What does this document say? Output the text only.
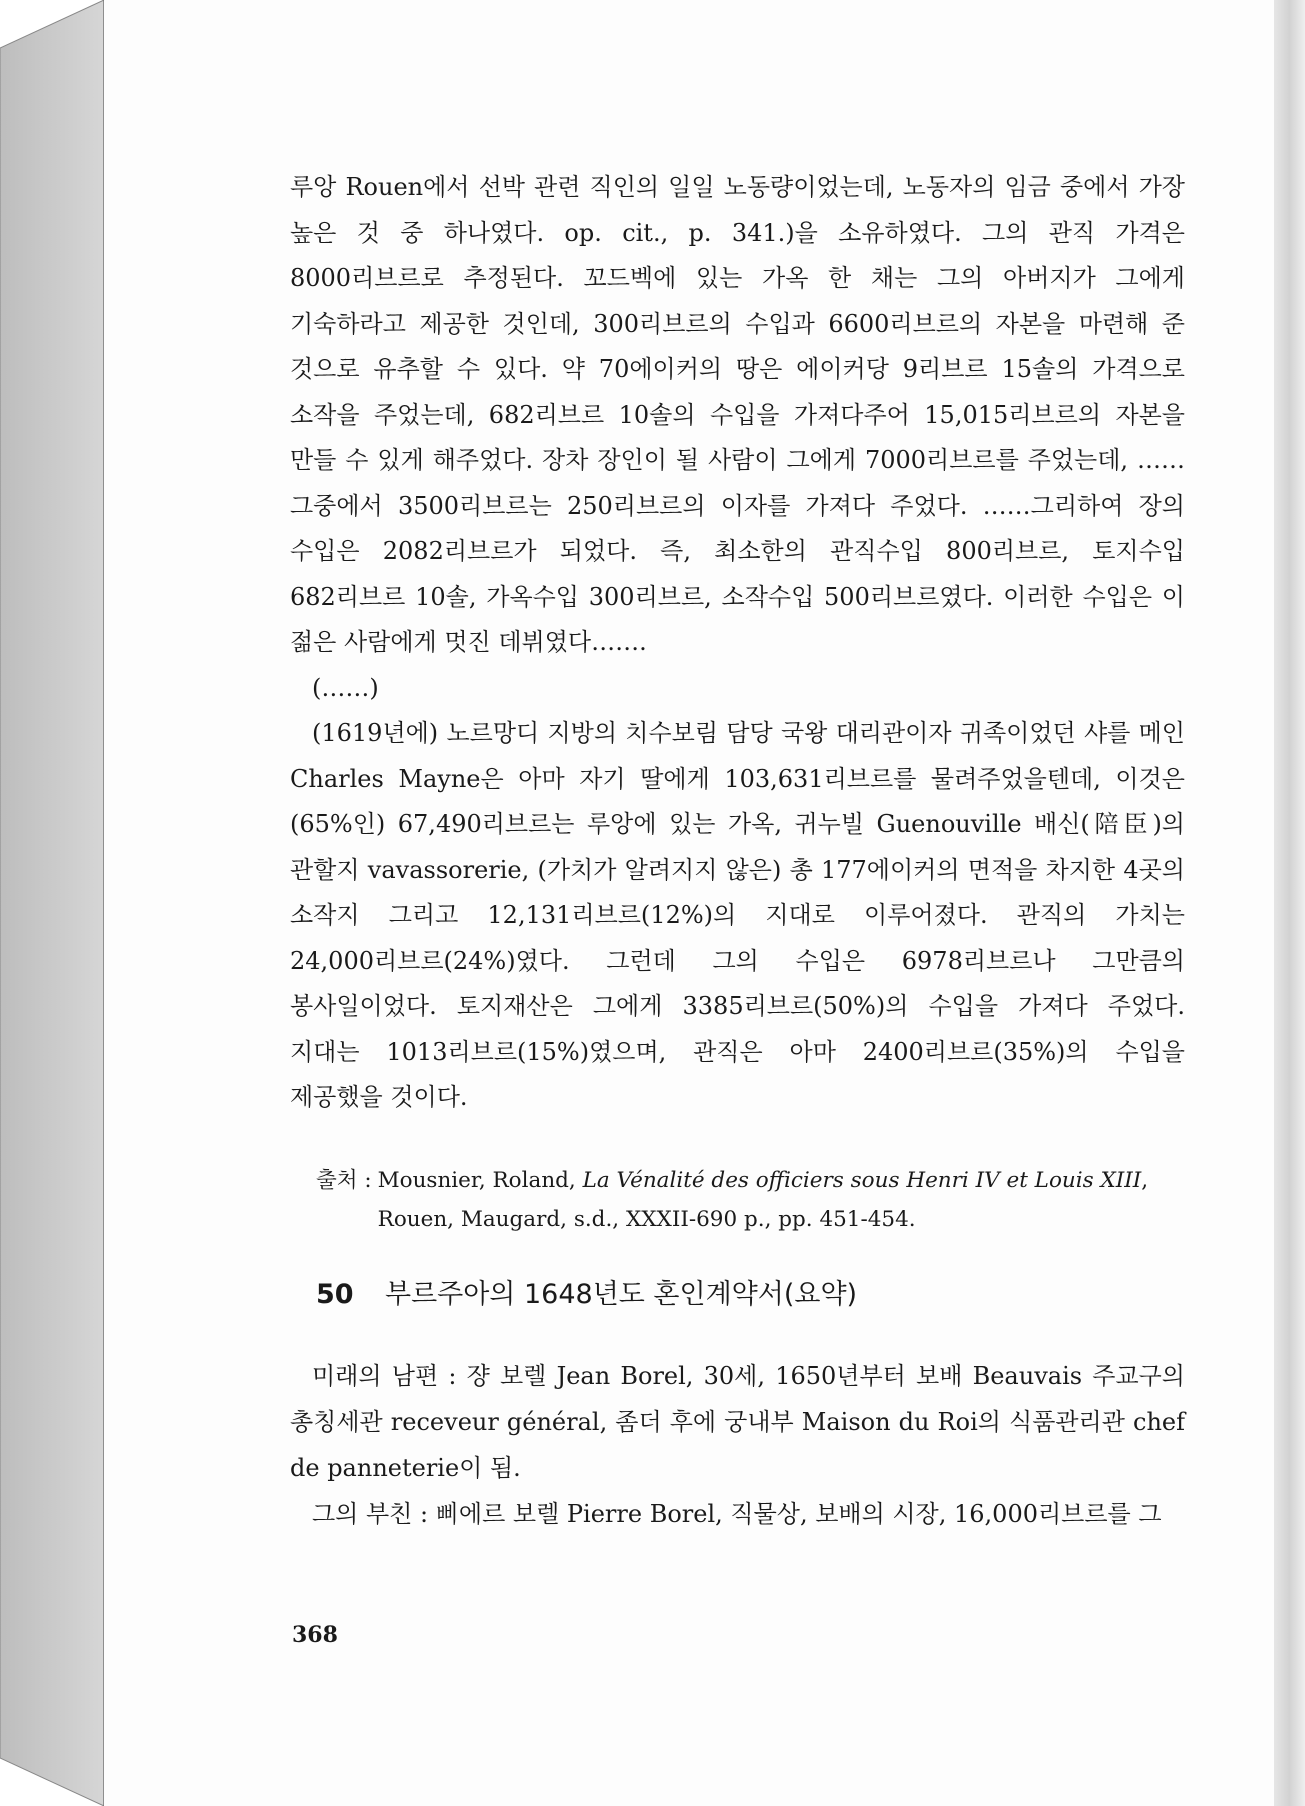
루앙 Rouen에서 선박 관련 직인의 일일 노동량이었는데, 노동자의 임금 중에서 가장 높은 것 중 하나였다. op. cit., p. 341.)을 소유하였다. 그의 관직 가격은 8000리브르로 추정된다. 꼬드벡에 있는 가옥 한 채는 그의 아버지가 그에게 기숙하라고 제공한 것인데, 300리브르의 수입과 6600리브르의 자본을 마련해 준 것으로 유추할 수 있다. 약 70에이커의 땅은 에이커당 9리브르 15솔의 가격으로 소작을 주었는데, 682리브르 10솔의 수입을 가져다주어 15,015리브르의 자본을 만들 수 있게 해주었다. 장차 장인이 될 사람이 그에게 7000리브르를 주었는데, ……그중에서 3500리브르는 250리브르의 이자를 가져다 주었다. ……그리하여 장의 수입은 2082리브르가 되었다. 즉, 최소한의 관직수입 800리브르, 토지수입 682리브르 10솔, 가옥수입 300리브르, 소작수입 500리브르였다. 이러한 수입은 이 젊은 사람에게 멋진 데뷔였다…….

(……)

(1619년에) 노르망디 지방의 치수보림 담당 국왕 대리관이자 귀족이었던 샤를 메인 Charles Mayne은 아마 자기 딸에게 103,631리브르를 물려주었을텐데, 이것은 (65%인) 67,490리브르는 루앙에 있는 가옥, 귀누빌 Guenouville 배신(陪臣)의 관할지 vavassorerie, (가치가 알려지지 않은) 총 177에이커의 면적을 차지한 4곳의 소작지 그리고 12,131리브르(12%)의 지대로 이루어졌다. 관직의 가치는 24,000리브르(24%)였다. 그런데 그의 수입은 6978리브르나 그만큼의 봉사일이었다. 토지재산은 그에게 3385리브르(50%)의 수입을 가져다 주었다. 지대는 1013리브르(15%)였으며, 관직은 아마 2400리브르(35%)의 수입을 제공했을 것이다.

출처 : Mousnier, Roland, La Vénalité des officiers sous Henri IV et Louis XIII, Rouen, Maugard, s.d., XXXII-690 p., pp. 451-454.
50 부르주아의 1648년도 혼인계약서(요약)

미래의 남편 : 쟝 보렐 Jean Borel, 30세, 1650년부터 보배 Beauvais 주교구의 총칭세관 receveur général, 좀더 후에 궁내부 Maison du Roi의 식품관리관 chef de panneterie이 됨.

그의 부친 : 삐에르 보렐 Pierre Borel, 직물상, 보배의 시장, 16,000리브르를 그

368
